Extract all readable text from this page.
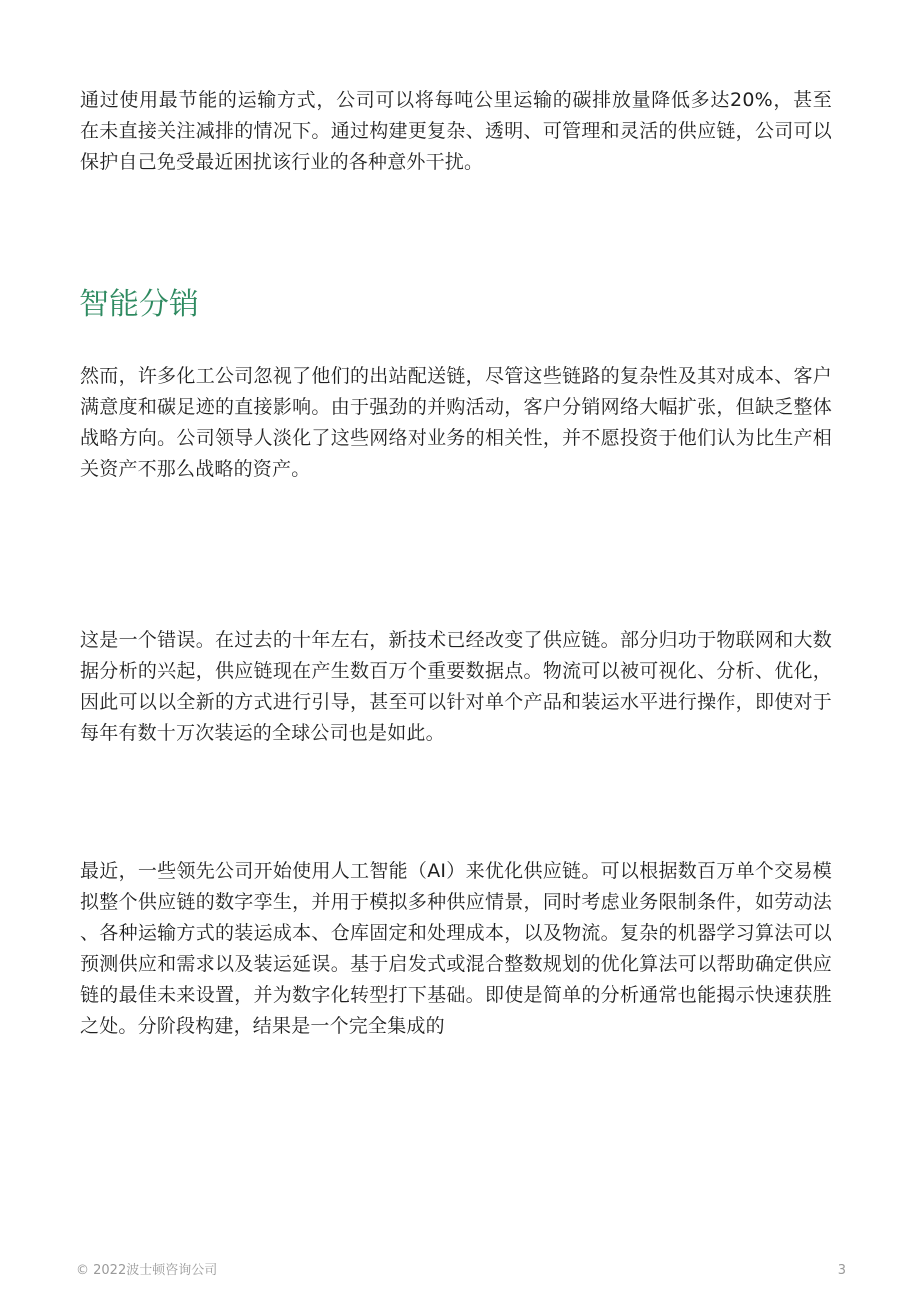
通过使用最节能的运输方式，公司可以将每吨公里运输的碳排放量降低多达20%，甚至在未直接关注减排的情况下。通过构建更复杂、透明、可管理和灵活的供应链，公司可以保护自己免受最近困扰该行业的各种意外干扰。

智能分销

然而，许多化工公司忽视了他们的出站配送链，尽管这些链路的复杂性及其对成本、客户满意度和碳足迹的直接影响。由于强劲的并购活动，客户分销网络大幅扩张，但缺乏整体战略方向。公司领导人淡化了这些网络对业务的相关性，并不愿投资于他们认为比生产相关资产不那么战略的资产。

这是一个错误。在过去的十年左右，新技术已经改变了供应链。部分归功于物联网和大数据分析的兴起，供应链现在产生数百万个重要数据点。物流可以被可视化、分析、优化，因此可以以全新的方式进行引导，甚至可以针对单个产品和装运水平进行操作，即使对于每年有数十万次装运的全球公司也是如此。

最近，一些领先公司开始使用人工智能（AI）来优化供应链。可以根据数百万单个交易模拟整个供应链的数字孪生，并用于模拟多种供应情景，同时考虑业务限制条件，如劳动法、各种运输方式的装运成本、仓库固定和处理成本，以及物流。复杂的机器学习算法可以预测供应和需求以及装运延误。基于启发式或混合整数规划的优化算法可以帮助确定供应链的最佳未来设置，并为数字化转型打下基础。即使是简单的分析通常也能揭示快速获胜之处。分阶段构建，结果是一个完全集成的

© 2022波士顿咨询公司	3
